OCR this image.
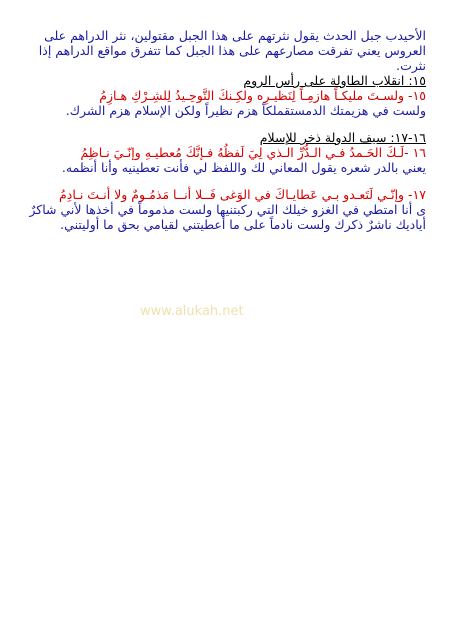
الأحيدب جبل الحدث يقول نثرتهم على هذا الجبل مقتولين، نثر الدراهم على العروس يعني تفرقت مصارعهم على هذا الجبل كما تتفرق مواقع الدراهم إذا نثرت.

١٥: انقلاب الطاولة على رأس الروم

١٥- ولسـتَ مليكـاً هازمِـاً لِنَظيـرِه ولكِـنكَ التَّوحِـيدُ لِلشِـرْكِ هـازِمُ

ولست في هزيمتك الدمستقملكاً هزم نظيراً ولكن الإسلام هزم الشرك.

١٦-١٧: سيف الدولة ذخر للإسلام

١٦ -لَـكَ الحَـمدُ فـي الـدُّرِّ الـذي لِيَ لَفظُهُ فـإنَّكَ مُعطيـهِ وإنّـيَ نـاظِمُ

يعني بالدر شعره يقول المعاني لك واللفظ لي فأنت تعطينيه وأنا أنظمه.

١٧- وإنّـي لَتَعـدو بـي عَطايـاكَ في الوَغى فَــلا أنــا مَذمُـومٌ ولا أنـتَ نـادِمُ

ى أنا امتطي في الغزو خيلك التي ركبتنيها ولست مذموماً في أخذها لأني شاكرٌ أياديك ناشرٌ ذكرك ولست نادماً على ما أعطيتني لقيامي بحق ما أوليتني.

www.alukah.net
